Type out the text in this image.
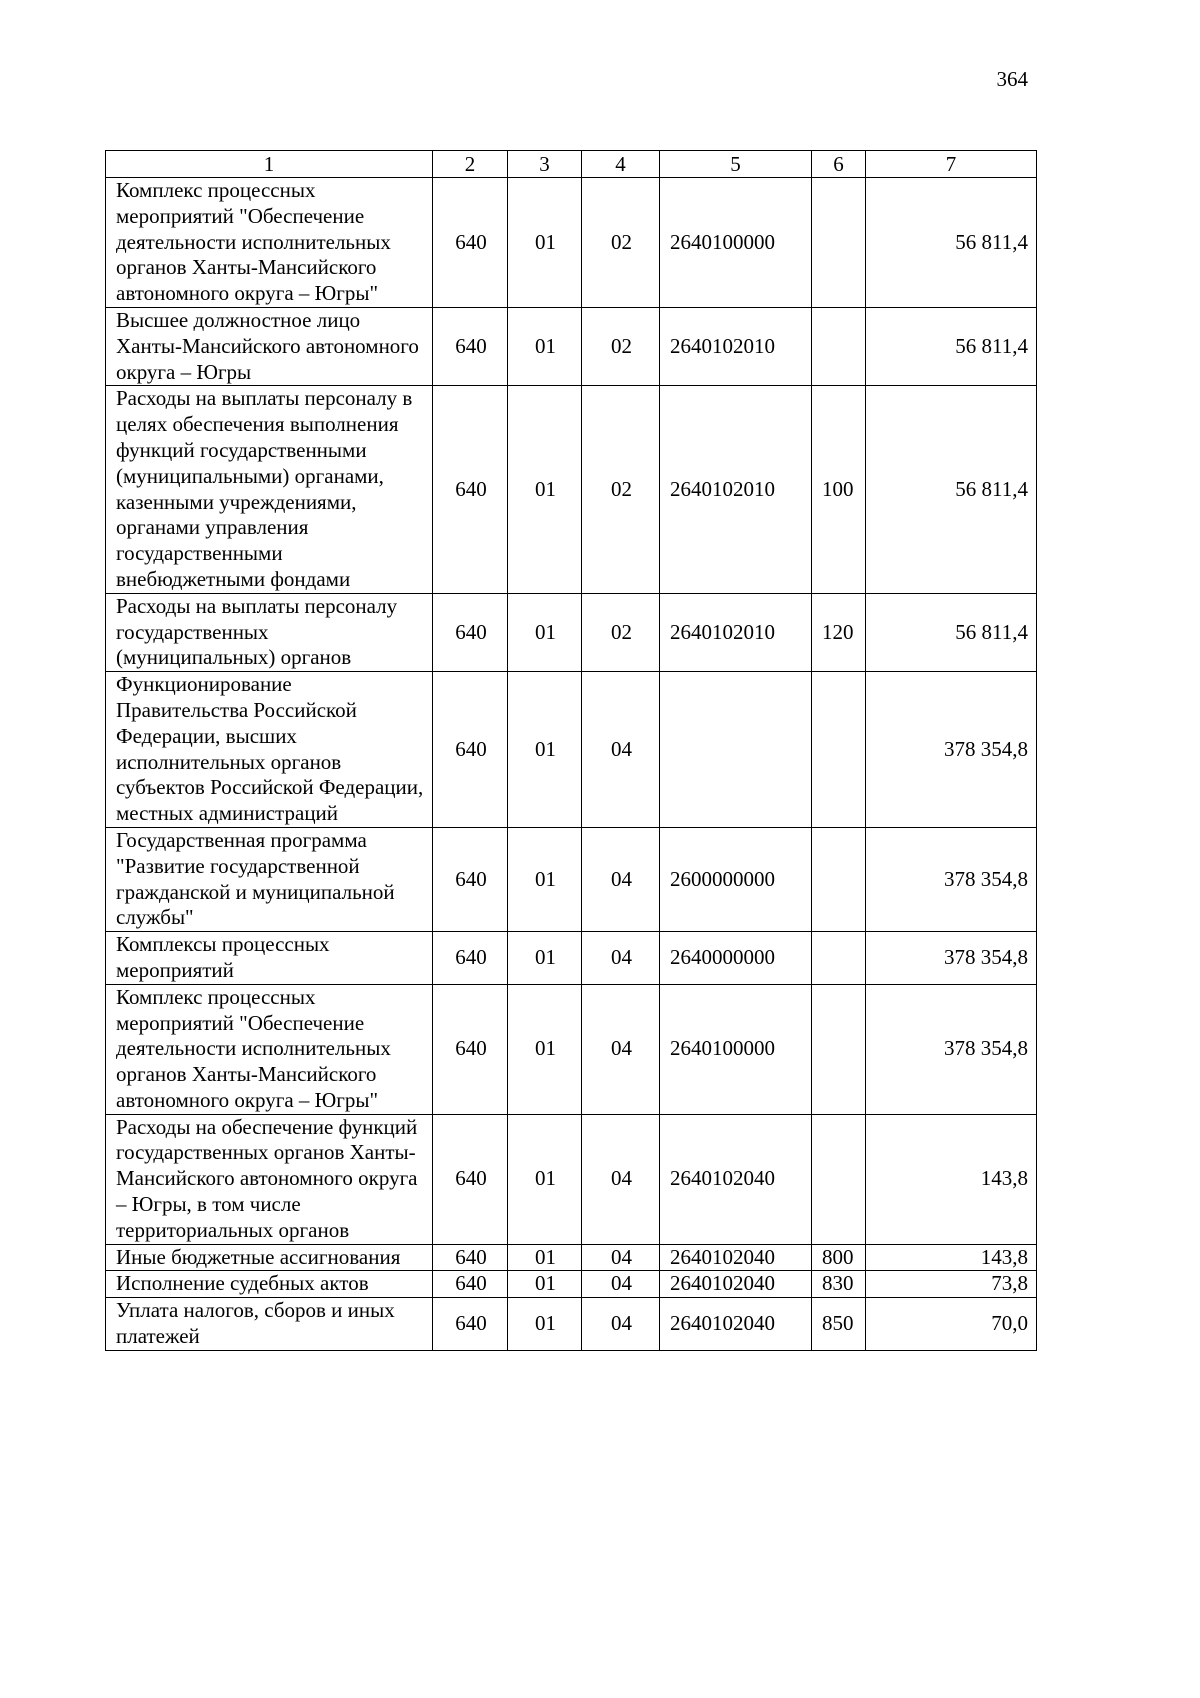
364
1	2	3	4	5	6	7
Комплекс процессных мероприятий "Обеспечение деятельности исполнительных органов Ханты-Мансийского автономного округа – Югры"	640	01	02	2640100000		56 811,4
Высшее должностное лицо Ханты-Мансийского автономного округа – Югры	640	01	02	2640102010		56 811,4
Расходы на выплаты персоналу в целях обеспечения выполнения функций государственными (муниципальными) органами, казенными учреждениями, органами управления государственными внебюджетными фондами	640	01	02	2640102010	100	56 811,4
Расходы на выплаты персоналу государственных (муниципальных) органов	640	01	02	2640102010	120	56 811,4
Функционирование Правительства Российской Федерации, высших исполнительных органов субъектов Российской Федерации, местных администраций	640	01	04			378 354,8
Государственная программа "Развитие государственной гражданской и муниципальной службы"	640	01	04	2600000000		378 354,8
Комплексы процессных мероприятий	640	01	04	2640000000		378 354,8
Комплекс процессных мероприятий "Обеспечение деятельности исполнительных органов Ханты-Мансийского автономного округа – Югры"	640	01	04	2640100000		378 354,8
Расходы на обеспечение функций государственных органов Ханты-Мансийского автономного округа – Югры, в том числе территориальных органов	640	01	04	2640102040		143,8
Иные бюджетные ассигнования	640	01	04	2640102040	800	143,8
Исполнение судебных актов	640	01	04	2640102040	830	73,8
Уплата налогов, сборов и иных платежей	640	01	04	2640102040	850	70,0
